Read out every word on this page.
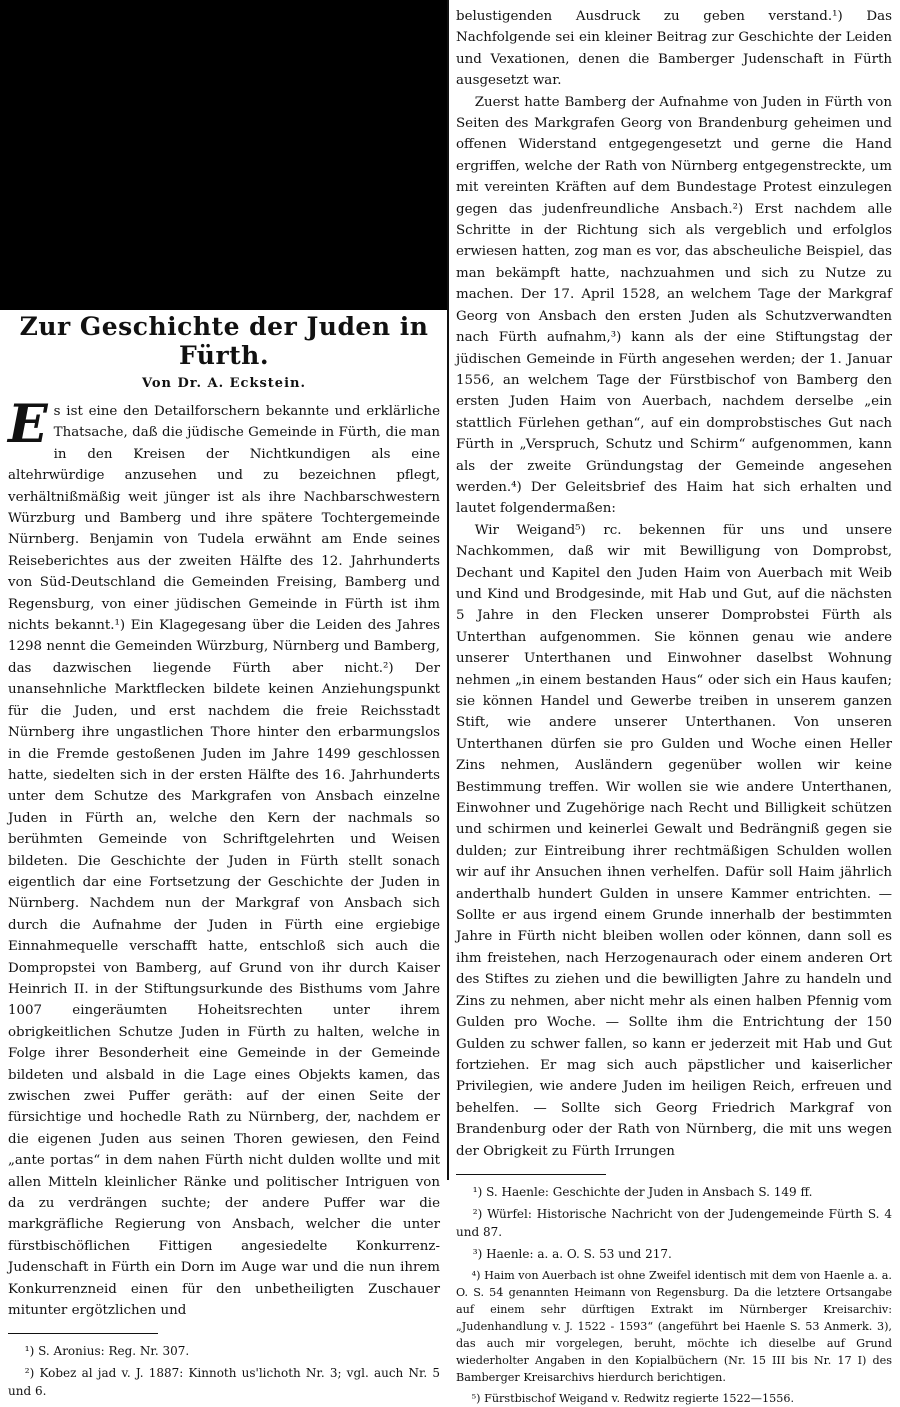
Zur Geschichte der Juden in Fürth.
Von Dr. A. Eckstein.

Es ist eine den Detailforschern bekannte und erklärliche Thatsache, daß die jüdische Gemeinde in Fürth, die man in den Kreisen der Nichtkundigen als eine altehrwürdige anzusehen und zu bezeichnen pflegt, verhältnißmäßig weit jünger ist als ihre Nachbarschwestern Würzburg und Bamberg und ihre spätere Tochtergemeinde Nürnberg. Benjamin von Tudela erwähnt am Ende seines Reiseberichtes aus der zweiten Hälfte des 12. Jahrhunderts von Süd-Deutschland die Gemeinden Freising, Bamberg und Regensburg, von einer jüdischen Gemeinde in Fürth ist ihm nichts bekannt.¹) Ein Klagegesang über die Leiden des Jahres 1298 nennt die Gemeinden Würzburg, Nürnberg und Bamberg, das dazwischen liegende Fürth aber nicht.²) Der unansehnliche Marktflecken bildete keinen Anziehungspunkt für die Juden, und erst nachdem die freie Reichsstadt Nürnberg ihre ungastlichen Thore hinter den erbarmungslos in die Fremde gestoßenen Juden im Jahre 1499 geschlossen hatte, siedelten sich in der ersten Hälfte des 16. Jahrhunderts unter dem Schutze des Markgrafen von Ansbach einzelne Juden in Fürth an, welche den Kern der nachmals so berühmten Gemeinde von Schriftgelehrten und Weisen bildeten. Die Geschichte der Juden in Fürth stellt sonach eigentlich dar eine Fortsetzung der Geschichte der Juden in Nürnberg. Nachdem nun der Markgraf von Ansbach sich durch die Aufnahme der Juden in Fürth eine ergiebige Einnahmequelle verschafft hatte, entschloß sich auch die Dompropstei von Bamberg, auf Grund von ihr durch Kaiser Heinrich II. in der Stiftungsurkunde des Bisthums vom Jahre 1007 eingeräumten Hoheitsrechten unter ihrem obrigkeitlichen Schutze Juden in Fürth zu halten, welche in Folge ihrer Besonderheit eine Gemeinde in der Gemeinde bildeten und alsbald in die Lage eines Objekts kamen, das zwischen zwei Puffer geräth: auf der einen Seite der fürsichtige und hochedle Rath zu Nürnberg, der, nachdem er die eigenen Juden aus seinen Thoren gewiesen, den Feind „ante portas“ in dem nahen Fürth nicht dulden wollte und mit allen Mitteln kleinlicher Ränke und politischer Intriguen von da zu verdrängen suchte; der andere Puffer war die markgräfliche Regierung von Ansbach, welcher die unter fürstbischöflichen Fittigen angesiedelte Konkurrenz-Judenschaft in Fürth ein Dorn im Auge war und die nun ihrem Konkurrenzneid einen für den unbetheiligten Zuschauer mitunter ergötzlichen und

¹) S. Aronius: Reg. Nr. 307.

²) Kobez al jad v. J. 1887: Kinnoth us'lichoth Nr. 3; vgl. auch Nr. 5 und 6.

belustigenden Ausdruck zu geben verstand.¹) Das Nachfolgende sei ein kleiner Beitrag zur Geschichte der Leiden und Vexationen, denen die Bamberger Judenschaft in Fürth ausgesetzt war.

Zuerst hatte Bamberg der Aufnahme von Juden in Fürth von Seiten des Markgrafen Georg von Brandenburg geheimen und offenen Widerstand entgegengesetzt und gerne die Hand ergriffen, welche der Rath von Nürnberg entgegenstreckte, um mit vereinten Kräften auf dem Bundestage Protest einzulegen gegen das judenfreundliche Ansbach.²) Erst nachdem alle Schritte in der Richtung sich als vergeblich und erfolglos erwiesen hatten, zog man es vor, das abscheuliche Beispiel, das man bekämpft hatte, nachzuahmen und sich zu Nutze zu machen. Der 17. April 1528, an welchem Tage der Markgraf Georg von Ansbach den ersten Juden als Schutzverwandten nach Fürth aufnahm,³) kann als der eine Stiftungstag der jüdischen Gemeinde in Fürth angesehen werden; der 1. Januar 1556, an welchem Tage der Fürstbischof von Bamberg den ersten Juden Haim von Auerbach, nachdem derselbe „ein stattlich Fürlehen gethan“, auf ein domprobstisches Gut nach Fürth in „Verspruch, Schutz und Schirm“ aufgenommen, kann als der zweite Gründungstag der Gemeinde angesehen werden.⁴) Der Geleitsbrief des Haim hat sich erhalten und lautet folgendermaßen:

Wir Weigand⁵) rc. bekennen für uns und unsere Nachkommen, daß wir mit Bewilligung von Domprobst, Dechant und Kapitel den Juden Haim von Auerbach mit Weib und Kind und Brodgesinde, mit Hab und Gut, auf die nächsten 5 Jahre in den Flecken unserer Domprobstei Fürth als Unterthan aufgenommen. Sie können genau wie andere unserer Unterthanen und Einwohner daselbst Wohnung nehmen „in einem bestanden Haus“ oder sich ein Haus kaufen; sie können Handel und Gewerbe treiben in unserem ganzen Stift, wie andere unserer Unterthanen. Von unseren Unterthanen dürfen sie pro Gulden und Woche einen Heller Zins nehmen, Ausländern gegenüber wollen wir keine Bestimmung treffen. Wir wollen sie wie andere Unterthanen, Einwohner und Zugehörige nach Recht und Billigkeit schützen und schirmen und keinerlei Gewalt und Bedrängniß gegen sie dulden; zur Eintreibung ihrer rechtmäßigen Schulden wollen wir auf ihr Ansuchen ihnen verhelfen. Dafür soll Haim jährlich anderthalb hundert Gulden in unsere Kammer entrichten. — Sollte er aus irgend einem Grunde innerhalb der bestimmten Jahre in Fürth nicht bleiben wollen oder können, dann soll es ihm freistehen, nach Herzogenaurach oder einem anderen Ort des Stiftes zu ziehen und die bewilligten Jahre zu handeln und Zins zu nehmen, aber nicht mehr als einen halben Pfennig vom Gulden pro Woche. — Sollte ihm die Entrichtung der 150 Gulden zu schwer fallen, so kann er jederzeit mit Hab und Gut fortziehen. Er mag sich auch päpstlicher und kaiserlicher Privilegien, wie andere Juden im heiligen Reich, erfreuen und behelfen. — Sollte sich Georg Friedrich Markgraf von Brandenburg oder der Rath von Nürnberg, die mit uns wegen der Obrigkeit zu Fürth Irrungen

¹) S. Haenle: Geschichte der Juden in Ansbach S. 149 ff.

²) Würfel: Historische Nachricht von der Judengemeinde Fürth S. 4 und 87.

³) Haenle: a. a. O. S. 53 und 217.

⁴) Haim von Auerbach ist ohne Zweifel identisch mit dem von Haenle a. a. O. S. 54 genannten Heimann von Regensburg. Da die letztere Ortsangabe auf einem sehr dürftigen Extrakt im Nürnberger Kreisarchiv: „Judenhandlung v. J. 1522 - 1593“ (angeführt bei Haenle S. 53 Anmerk. 3), das auch mir vorgelegen, beruht, möchte ich dieselbe auf Grund wiederholter Angaben in den Kopialbüchern (Nr. 15 III bis Nr. 17 I) des Bamberger Kreisarchivs hierdurch berichtigen.

⁵) Fürstbischof Weigand v. Redwitz regierte 1522—1556.
